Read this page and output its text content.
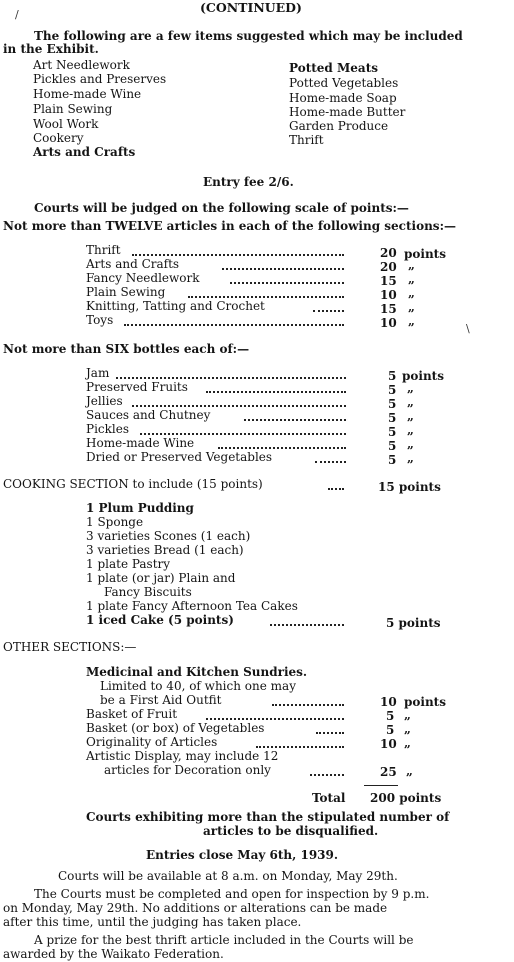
(CONTINUED)
/
The following are a few items suggested which may be included
in the Exhibit.
Art Needlework
Pickles and Preserves
Home-made Wine
Plain Sewing
Wool Work
Cookery
Arts and Crafts
Potted Meats
Potted Vegetables
Home-made Soap
Home-made Butter
Garden Produce
Thrift
Entry fee 2/6.
Courts will be judged on the following scale of points:—
Not more than TWELVE articles in each of the following sections:—
Thrift	20 points
Arts and Crafts	20 „
Fancy Needlework	15 „
Plain Sewing	10 „
Knitting, Tatting and Crochet	15 „
Toys	10 „
\
Not more than SIX bottles each of:—
Jam	5 points
Preserved Fruits	5 „
Jellies	5 „
Sauces and Chutney	5 „
Pickles	5 „
Home-made Wine	5 „
Dried or Preserved Vegetables	5 „
COOKING SECTION to include (15 points)	15 points
1 Plum Pudding
1 Sponge
3 varieties Scones (1 each)
3 varieties Bread (1 each)
1 plate Pastry
1 plate (or jar) Plain and
Fancy Biscuits
1 plate Fancy Afternoon Tea Cakes
1 iced Cake (5 points)	5 points
OTHER SECTIONS:—
Medicinal and Kitchen Sundries.
Limited to 40, of which one may
be a First Aid Outfit	10 points
Basket of Fruit	5 „
Basket (or box) of Vegetables	5 „
Originality of Articles	10 „
Artistic Display, may include 12
articles for Decoration only	25 „
Total 200 points
Courts exhibiting more than the stipulated number of
articles to be disqualified.
Entries close May 6th, 1939.
Courts will be available at 8 a.m. on Monday, May 29th.
The Courts must be completed and open for inspection by 9 p.m.
on Monday, May 29th. No additions or alterations can be made
after this time, until the judging has taken place.
A prize for the best thrift article included in the Courts will be
awarded by the Waikato Federation.
